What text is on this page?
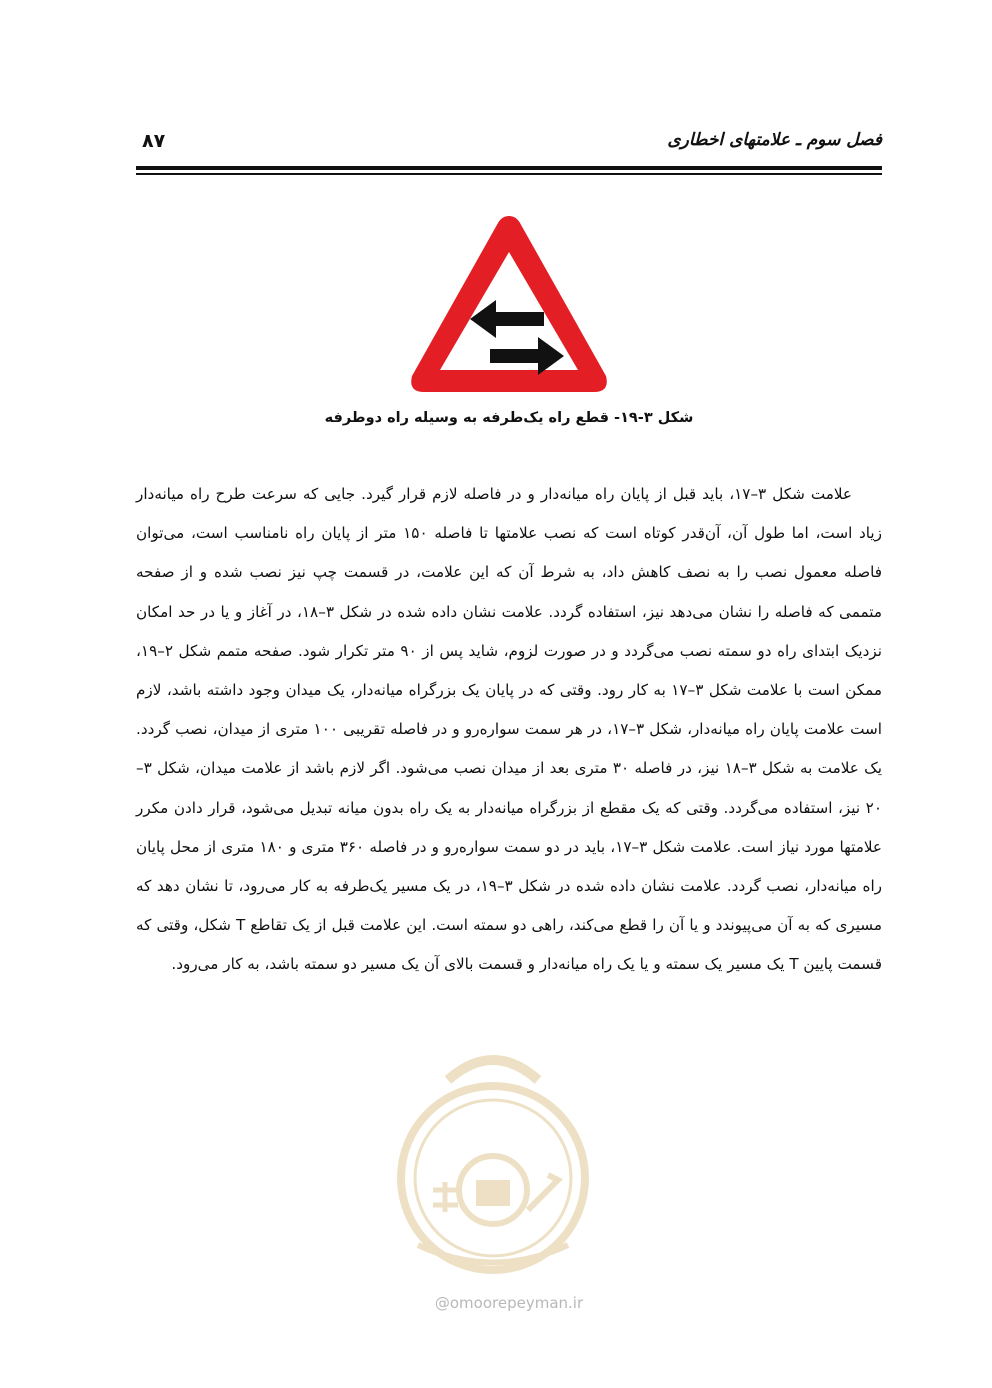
۸۷	فصل سوم ـ علامتهای اخطاری
شکل ۳-۱۹- قطع راه یک‌طرفه به وسیله راه دوطرفه

علامت شکل ۳–۱۷، باید قبل از پایان راه میانه‌دار و در فاصله لازم قرار گیرد. جایی که سرعت طرح راه میانه‌دار زیاد است، اما طول آن، آن‌قدر کوتاه است که نصب علامتها تا فاصله ۱۵۰ متر از پایان راه نامناسب است، می‌توان فاصله معمول نصب را به نصف کاهش داد، به شرط آن که این علامت، در قسمت چپ نیز نصب شده و از صفحه متممی که فاصله را نشان می‌دهد نیز، استفاده گردد. علامت نشان داده شده در شکل ۳–۱۸، در آغاز و یا در حد امکان نزدیک ابتدای راه دو سمته نصب می‌گردد و در صورت لزوم، شاید پس از ۹۰ متر تکرار شود. صفحه متمم شکل ۲–۱۹، ممکن است با علامت شکل ۳–۱۷ به کار رود. وقتی که در پایان یک بزرگراه میانه‌دار، یک میدان وجود داشته باشد، لازم است علامت پایان راه میانه‌دار، شکل ۳–۱۷، در هر سمت سواره‌رو و در فاصله تقریبی ۱۰۰ متری از میدان، نصب گردد. یک علامت به شکل ۳–۱۸ نیز، در فاصله ۳۰ متری بعد از میدان نصب می‌شود. اگر لازم باشد از علامت میدان، شکل ۳–۲۰ نیز، استفاده می‌گردد. وقتی که یک مقطع از بزرگراه میانه‌دار به یک راه بدون میانه تبدیل می‌شود، قرار دادن مکرر علامتها مورد نیاز است. علامت شکل ۳–۱۷، باید در دو سمت سواره‌رو و در فاصله ۳۶۰ متری و ۱۸۰ متری از محل پایان راه میانه‌دار، نصب گردد. علامت نشان داده شده در شکل ۳–۱۹، در یک مسیر یک‌طرفه به کار می‌رود، تا نشان دهد که مسیری که به آن می‌پیوندد و یا آن را قطع می‌کند، راهی دو سمته است. این علامت قبل از یک تقاطع T شکل، وقتی که قسمت پایین T یک مسیر یک سمته و یا یک راه میانه‌دار و قسمت بالای آن یک مسیر دو سمته باشد، به کار می‌رود.

@omoorepeyman.ir
